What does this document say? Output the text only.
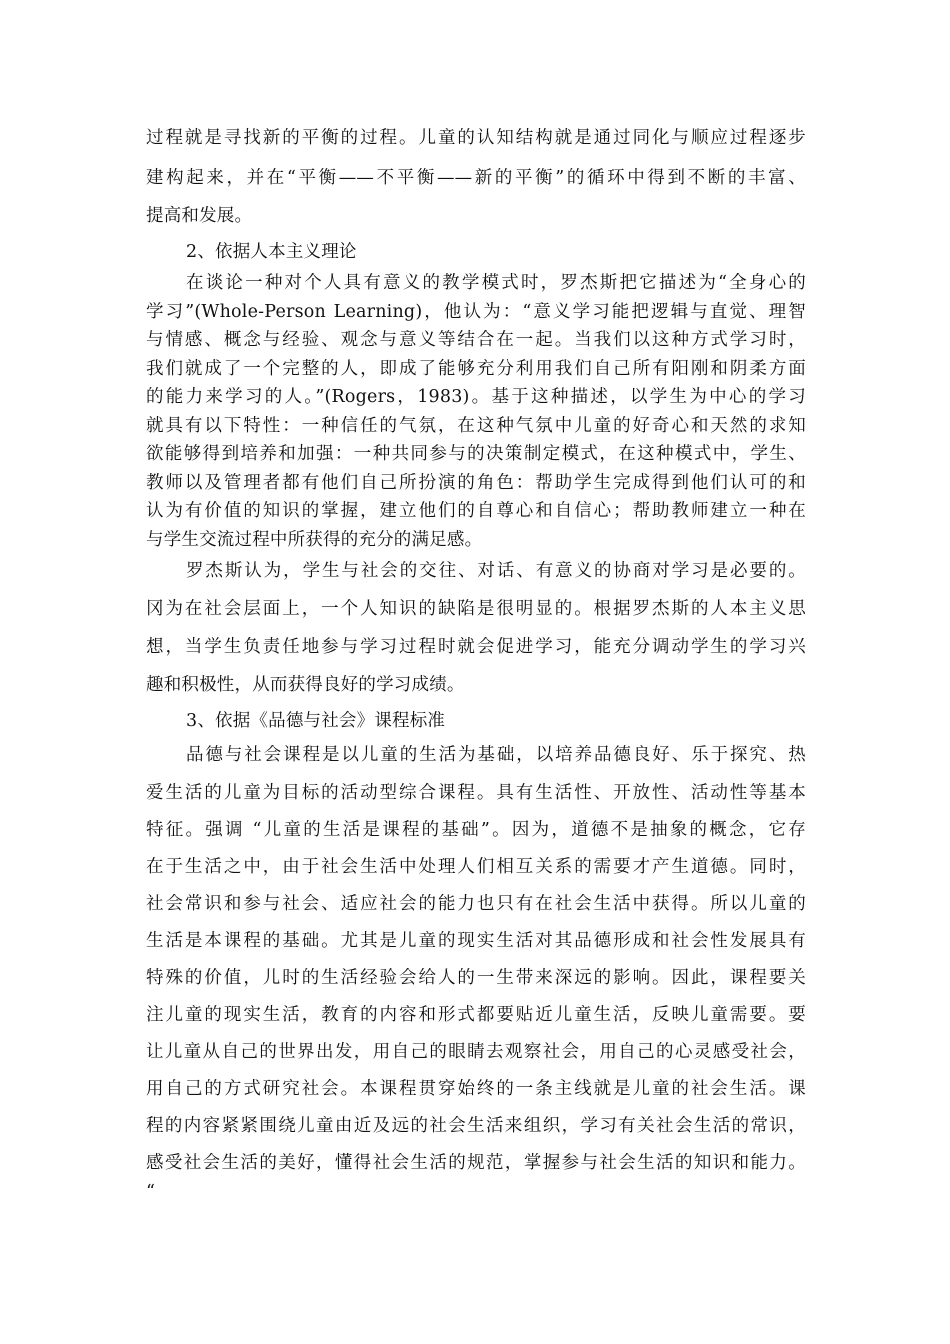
过程就是寻找新的平衡的过程。儿童的认知结构就是通过同化与顺应过程逐步
建构起来，并在“平衡——不平衡——新的平衡”的循环中得到不断的丰富、
提高和发展。
2、依据人本主义理论
在谈论一种对个人具有意义的教学模式时，罗杰斯把它描述为“全身心的
学习”(Whole-Person Learning)，他认为：“意义学习能把逻辑与直觉、理智
与情感、概念与经验、观念与意义等结合在一起。当我们以这种方式学习时，
我们就成了一个完整的人，即成了能够充分利用我们自己所有阳刚和阴柔方面
的能力来学习的人。”(Rogers，1983)。基于这种描述，以学生为中心的学习
就具有以下特性：一种信任的气氛，在这种气氛中儿童的好奇心和天然的求知
欲能够得到培养和加强：一种共同参与的决策制定模式，在这种模式中，学生、
教师以及管理者都有他们自己所扮演的角色：帮助学生完成得到他们认可的和
认为有价值的知识的掌握，建立他们的自尊心和自信心；帮助教师建立一种在
与学生交流过程中所获得的充分的满足感。
罗杰斯认为，学生与社会的交往、对话、有意义的协商对学习是必要的。
冈为在社会层面上，一个人知识的缺陷是很明显的。根据罗杰斯的人本主义思
想，当学生负责任地参与学习过程时就会促进学习，能充分调动学生的学习兴
趣和积极性，从而获得良好的学习成绩。
3、依据《品德与社会》课程标准
品德与社会课程是以儿童的生活为基础，以培养品德良好、乐于探究、热
爱生活的儿童为目标的活动型综合课程。具有生活性、开放性、活动性等基本
特征。强调 “儿童的生活是课程的基础”。因为，道德不是抽象的概念，它存
在于生活之中，由于社会生活中处理人们相互关系的需要才产生道德。同时，
社会常识和参与社会、适应社会的能力也只有在社会生活中获得。所以儿童的
生活是本课程的基础。尤其是儿童的现实生活对其品德形成和社会性发展具有
特殊的价值，儿时的生活经验会给人的一生带来深远的影响。因此，课程要关
注儿童的现实生活，教育的内容和形式都要贴近儿童生活，反映儿童需要。要
让儿童从自己的世界出发，用自己的眼睛去观察社会，用自己的心灵感受社会，
用自己的方式研究社会。本课程贯穿始终的一条主线就是儿童的社会生活。课
程的内容紧紧围绕儿童由近及远的社会生活来组织，学习有关社会生活的常识，
感受社会生活的美好，懂得社会生活的规范，掌握参与社会生活的知识和能力。
“
